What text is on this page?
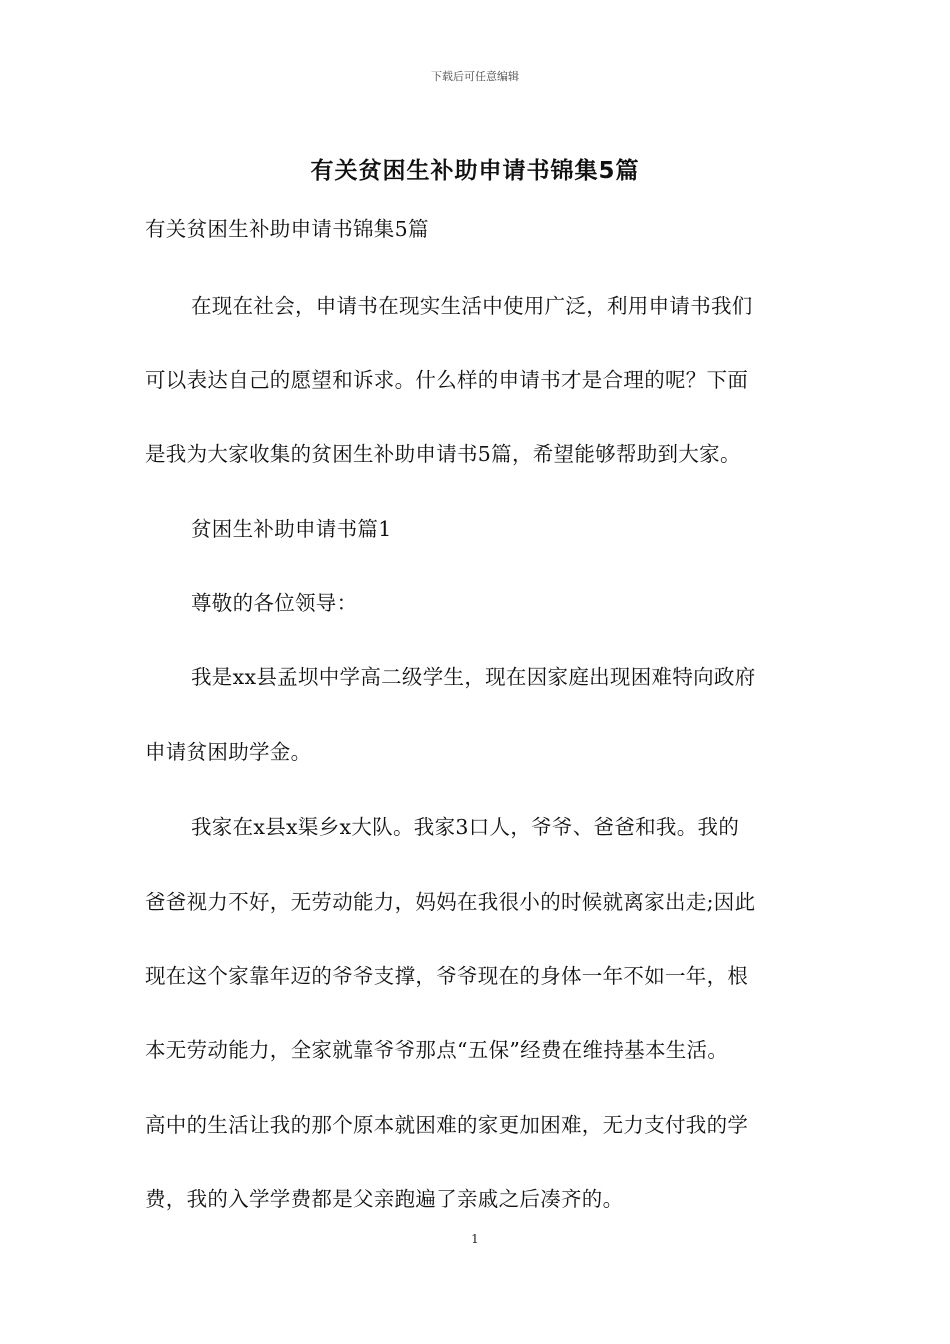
下载后可任意编辑
有关贫困生补助申请书锦集5篇
有关贫困生补助申请书锦集5篇
在现在社会，申请书在现实生活中使用广泛，利用申请书我们
可以表达自己的愿望和诉求。什么样的申请书才是合理的呢？下面
是我为大家收集的贫困生补助申请书5篇，希望能够帮助到大家。
贫困生补助申请书篇1
尊敬的各位领导：
我是xx县孟坝中学高二级学生，现在因家庭出现困难特向政府
申请贫困助学金。
我家在x县x渠乡x大队。我家3口人，爷爷、爸爸和我。我的
爸爸视力不好，无劳动能力，妈妈在我很小的时候就离家出走;因此
现在这个家靠年迈的爷爷支撑，爷爷现在的身体一年不如一年，根
本无劳动能力，全家就靠爷爷那点“五保”经费在维持基本生活。
高中的生活让我的那个原本就困难的家更加困难，无力支付我的学
费，我的入学学费都是父亲跑遍了亲戚之后凑齐的。
1
